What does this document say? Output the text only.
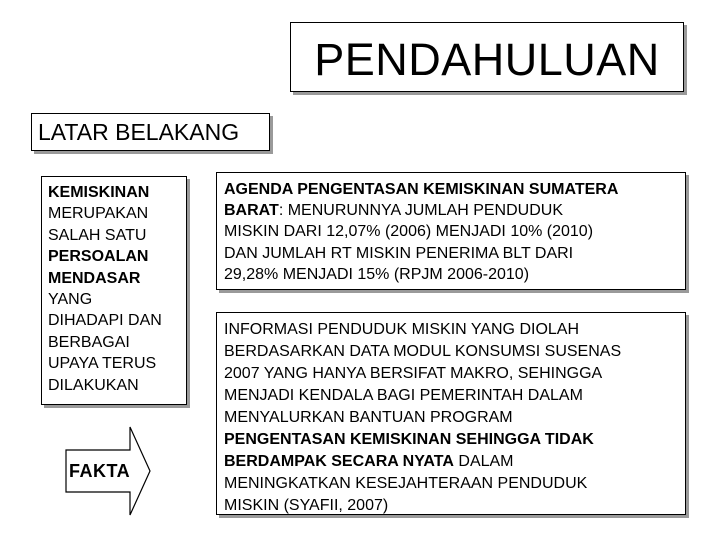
PENDAHULUAN
LATAR BELAKANG
KEMISKINAN
MERUPAKAN
SALAH SATU
PERSOALAN
MENDASAR
YANG
DIHADAPI DAN
BERBAGAI
UPAYA TERUS
DILAKUKAN
FAKTA
AGENDA PENGENTASAN KEMISKINAN SUMATERA
BARAT: MENURUNNYA JUMLAH PENDUDUK
MISKIN DARI 12,07% (2006) MENJADI 10% (2010)
DAN JUMLAH RT MISKIN PENERIMA BLT DARI
29,28% MENJADI 15% (RPJM 2006-2010)
INFORMASI PENDUDUK MISKIN YANG DIOLAH
BERDASARKAN DATA MODUL KONSUMSI SUSENAS
2007 YANG HANYA BERSIFAT MAKRO, SEHINGGA
MENJADI KENDALA BAGI PEMERINTAH DALAM
MENYALURKAN BANTUAN PROGRAM
PENGENTASAN KEMISKINAN SEHINGGA TIDAK
BERDAMPAK SECARA NYATA DALAM
MENINGKATKAN KESEJAHTERAAN PENDUDUK
MISKIN (SYAFII, 2007)
